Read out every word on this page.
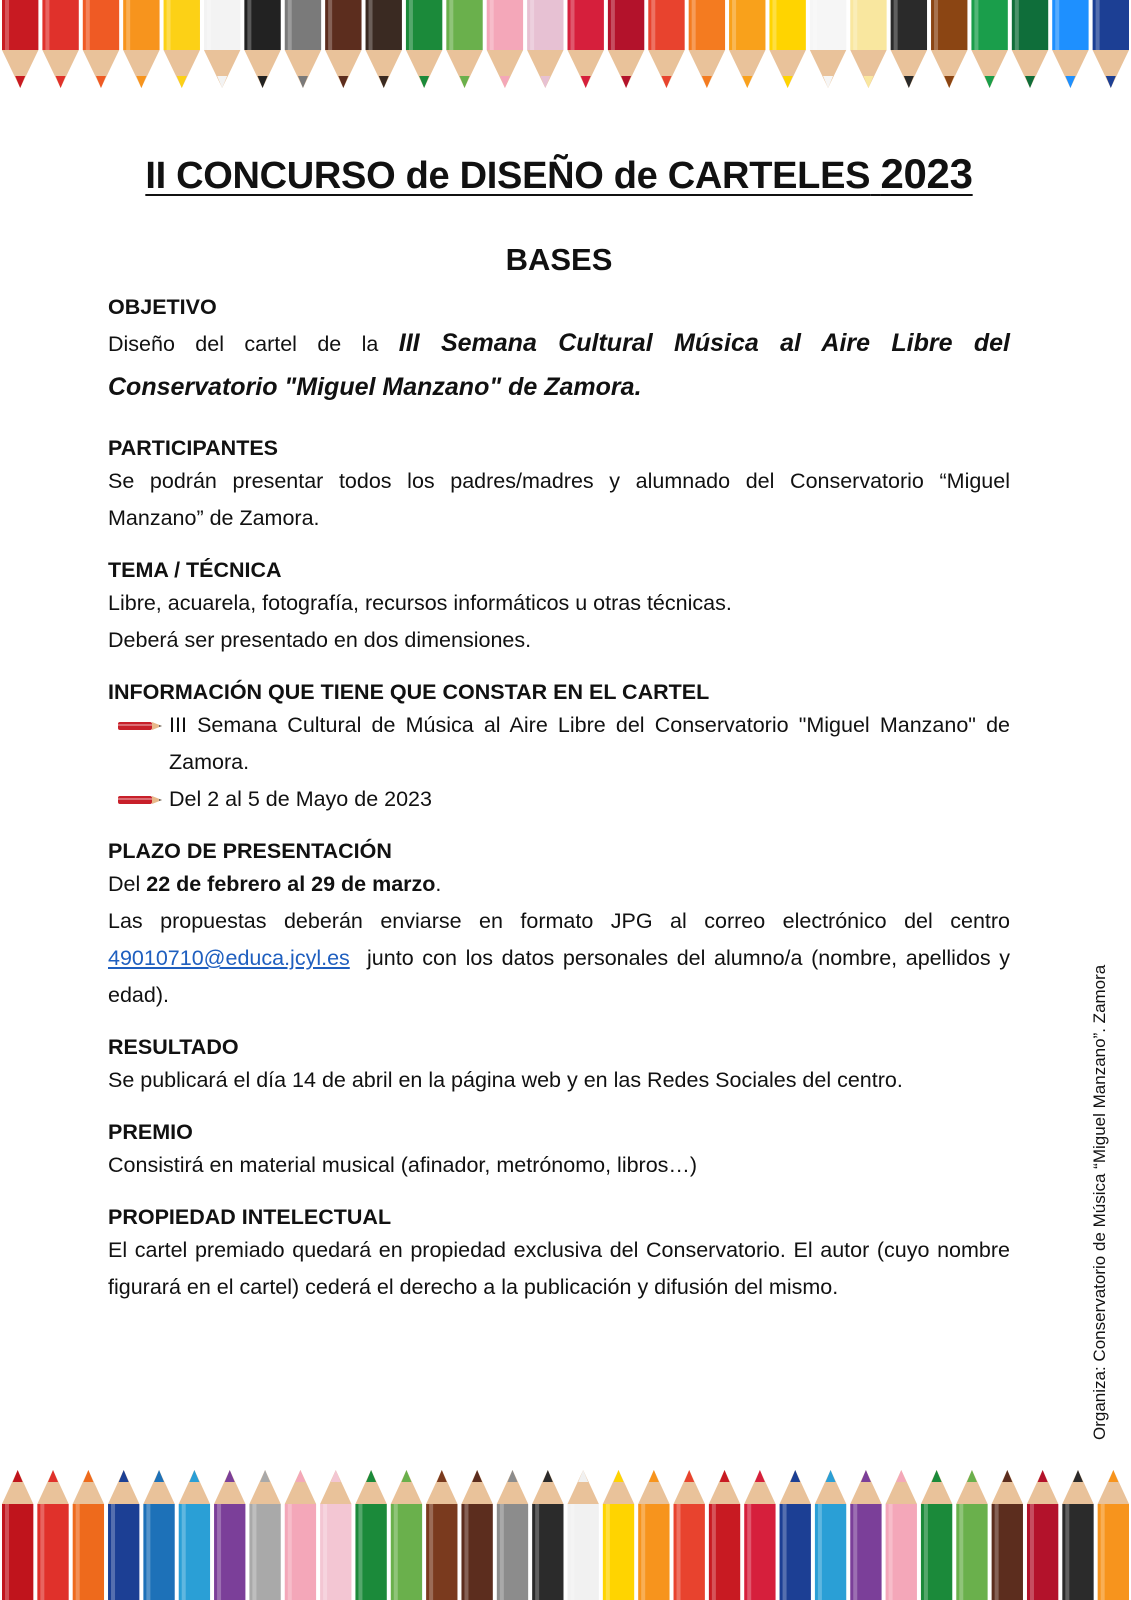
II CONCURSO de DISEÑO de CARTELES 2023
BASES
OBJETIVO
Diseño del cartel de la III Semana Cultural Música al Aire Libre del Conservatorio "Miguel Manzano" de Zamora.
PARTICIPANTES
Se podrán presentar todos los padres/madres y alumnado del Conservatorio “Miguel Manzano” de Zamora.
TEMA / TÉCNICA
Libre, acuarela, fotografía, recursos informáticos u otras técnicas.
Deberá ser presentado en dos dimensiones.
INFORMACIÓN QUE TIENE QUE CONSTAR EN EL CARTEL
III Semana Cultural de Música al Aire Libre del Conservatorio "Miguel Manzano" de Zamora.
Del 2 al 5 de Mayo de 2023
PLAZO DE PRESENTACIÓN
Del 22 de febrero al 29 de marzo.
Las propuestas deberán enviarse en formato JPG al correo electrónico del centro 49010710@educa.jcyl.es  junto con los datos personales del alumno/a (nombre, apellidos y edad).
RESULTADO
Se publicará el día 14 de abril en la página web y en las Redes Sociales del centro.
PREMIO
Consistirá en material musical (afinador, metrónomo, libros…)
PROPIEDAD INTELECTUAL
El cartel premiado quedará en propiedad exclusiva del Conservatorio. El autor (cuyo nombre figurará en el cartel) cederá el derecho a la publicación y difusión del mismo.	Organiza: Conservatorio de Música “Miguel Manzano”. Zamora
